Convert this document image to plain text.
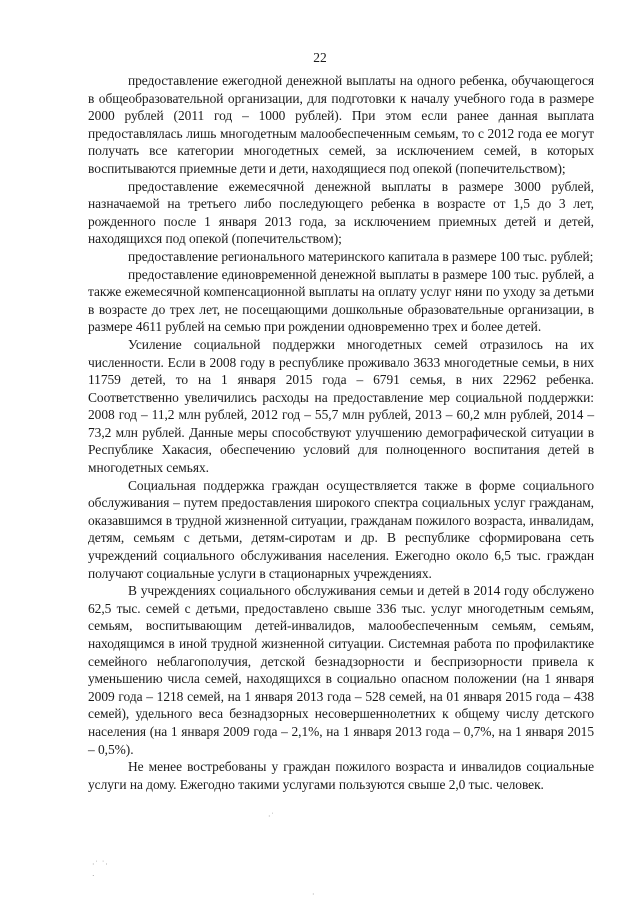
22

предоставление ежегодной денежной выплаты на одного ребенка, обучающегося в общеобразовательной организации, для подготовки к началу учебного года в размере 2000 рублей (2011 год – 1000 рублей). При этом если ранее данная выплата предоставлялась лишь многодетным малообеспеченным семьям, то с 2012 года ее могут получать все категории многодетных семей, за исключением семей, в которых воспитываются приемные дети и дети, находящиеся под опекой (попечительством);

предоставление ежемесячной денежной выплаты в размере 3000 рублей, назначаемой на третьего либо последующего ребенка в возрасте от 1,5 до 3 лет, рожденного после 1 января 2013 года, за исключением приемных детей и детей, находящихся под опекой (попечительством);

предоставление регионального материнского капитала в размере 100 тыс. рублей;

предоставление единовременной денежной выплаты в размере 100 тыс. рублей, а также ежемесячной компенсационной выплаты на оплату услуг няни по уходу за детьми в возрасте до трех лет, не посещающими дошкольные образовательные организации, в размере 4611 рублей на семью при рождении одновременно трех и более детей.

Усиление социальной поддержки многодетных семей отразилось на их численности. Если в 2008 году в республике проживало 3633 многодетные семьи, в них 11759 детей, то на 1 января 2015 года – 6791 семья, в них 22962 ребенка. Соответственно увеличились расходы на предоставление мер социальной поддержки: 2008 год – 11,2 млн рублей, 2012 год – 55,7 млн рублей, 2013 – 60,2 млн рублей, 2014 – 73,2 млн рублей. Данные меры способствуют улучшению демографической ситуации в Республике Хакасия, обеспечению условий для полноценного воспитания детей в многодетных семьях.

Социальная поддержка граждан осуществляется также в форме социального обслуживания – путем предоставления широкого спектра социальных услуг гражданам, оказавшимся в трудной жизненной ситуации, гражданам пожилого возраста, инвалидам, детям, семьям с детьми, детям-сиротам и др. В республике сформирована сеть учреждений социального обслуживания населения. Ежегодно около 6,5 тыс. граждан получают социальные услуги в стационарных учреждениях.

В учреждениях социального обслуживания семьи и детей в 2014 году обслужено 62,5 тыс. семей с детьми, предоставлено свыше 336 тыс. услуг многодетным семьям, семьям, воспитывающим детей-инвалидов, малообеспеченным семьям, семьям, находящимся в иной трудной жизненной ситуации. Системная работа по профилактике семейного неблагополучия, детской безнадзорности и беспризорности привела к уменьшению числа семей, находящихся в социально опасном положении (на 1 января 2009 года – 1218 семей, на 1 января 2013 года – 528 семей, на 01 января 2015 года – 438 семей), удельного веса безнадзорных несовершеннолетних к общему числу детского населения (на 1 января 2009 года – 2,1%, на 1 января 2013 года – 0,7%, на 1 января 2015 – 0,5%).

Не менее востребованы у граждан пожилого возраста и инвалидов социальные услуги на дому. Ежегодно такими услугами пользуются свыше 2,0 тыс. человек.

·˙
·˙ ˙·
.
·
